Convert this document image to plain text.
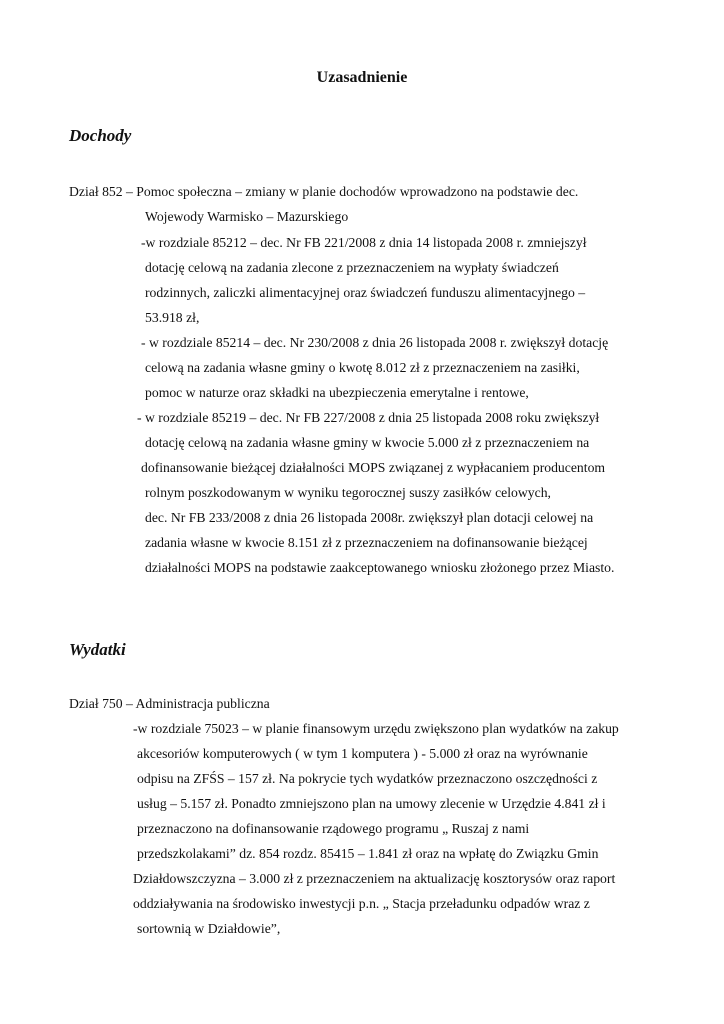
Uzasadnienie
Dochody
Dział 852 – Pomoc społeczna – zmiany w planie dochodów wprowadzono na podstawie dec.
Wojewody Warmisko – Mazurskiego
-w rozdziale 85212 – dec. Nr FB 221/2008 z dnia 14 listopada 2008 r. zmniejszył
dotację celową na zadania zlecone z przeznaczeniem na wypłaty świadczeń
rodzinnych, zaliczki alimentacyjnej oraz świadczeń funduszu alimentacyjnego –
53.918 zł,
- w rozdziale 85214 – dec. Nr 230/2008 z dnia 26 listopada 2008 r. zwiększył dotację
celową na zadania własne gminy o kwotę 8.012 zł z przeznaczeniem na zasiłki,
pomoc w naturze oraz składki na ubezpieczenia emerytalne i rentowe,
- w rozdziale 85219 – dec. Nr FB 227/2008 z dnia 25 listopada 2008 roku zwiększył
dotację celową na zadania własne gminy w kwocie 5.000 zł z przeznaczeniem na
dofinansowanie bieżącej działalności MOPS związanej z wypłacaniem producentom
rolnym poszkodowanym w wyniku tegorocznej suszy zasiłków celowych,
dec. Nr FB 233/2008 z dnia 26 listopada 2008r. zwiększył plan dotacji celowej na
zadania własne w kwocie 8.151 zł z przeznaczeniem na dofinansowanie bieżącej
działalności MOPS na podstawie zaakceptowanego wniosku złożonego przez Miasto.
Wydatki
Dział 750 – Administracja publiczna
-w rozdziale 75023 – w planie finansowym urzędu zwiększono plan wydatków na zakup
akcesoriów komputerowych ( w tym 1 komputera ) - 5.000 zł oraz na wyrównanie
odpisu na ZFŚS – 157 zł. Na pokrycie tych wydatków przeznaczono oszczędności z
usług – 5.157 zł. Ponadto zmniejszono plan na umowy zlecenie w Urzędzie 4.841 zł i
przeznaczono na dofinansowanie rządowego programu „ Ruszaj z nami
przedszkolakami” dz. 854 rozdz. 85415 – 1.841 zł oraz na wpłatę do Związku Gmin
Działdowszczyzna – 3.000 zł z przeznaczeniem na aktualizację kosztorysów oraz raport
oddziaływania na środowisko inwestycji p.n. „ Stacja przeładunku odpadów wraz z
sortownią w Działdowie”,
